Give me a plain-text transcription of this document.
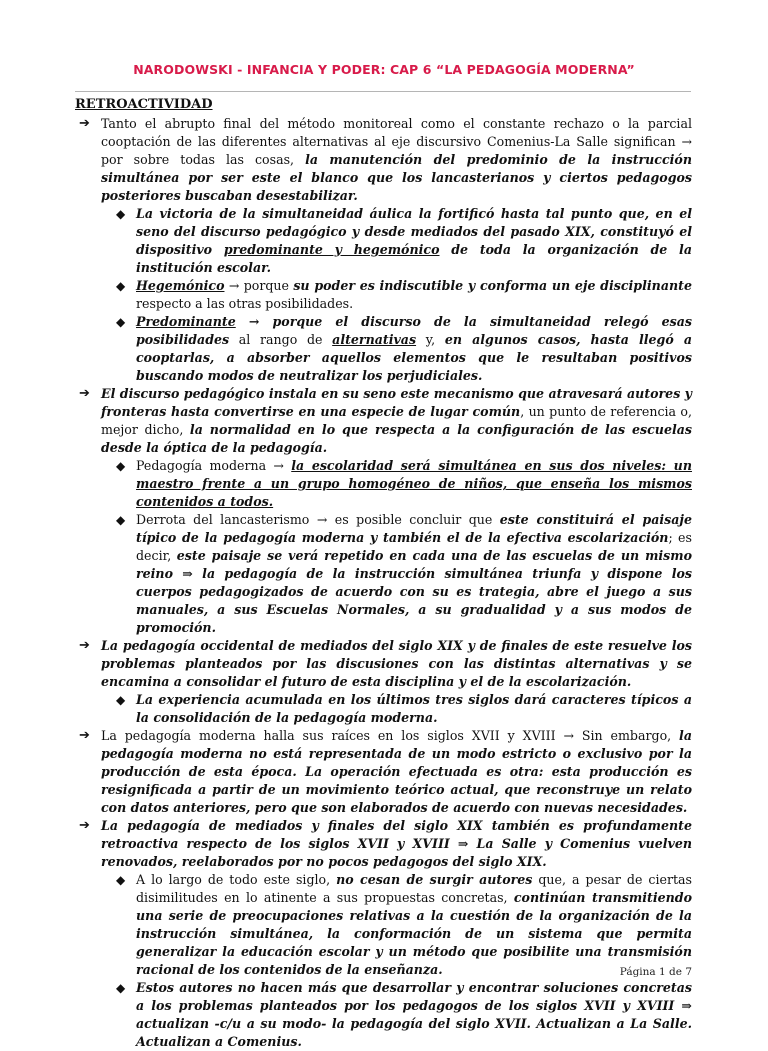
NARODOWSKI - INFANCIA Y PODER: CAP 6 “LA PEDAGOGÍA MODERNA”
RETROACTIVIDAD

➔ Tanto el abrupto final del método monitoreal como el constante rechazo o la parcial cooptación de las diferentes alternativas al eje discursivo Comenius-La Salle significan → por sobre todas las cosas, la manutención del predominio de la instrucción simultánea por ser este el blanco que los lancasterianos y ciertos pedagogos posteriores buscaban desestabilizar.

◆ La victoria de la simultaneidad áulica la fortificó hasta tal punto que, en el seno del discurso pedagógico y desde mediados del pasado XIX, constituyó el dispositivo predominante y hegemónico de toda la organización de la institución escolar.

◆ Hegemónico → porque su poder es indiscutible y conforma un eje disciplinante respecto a las otras posibilidades.

◆ Predominante → porque el discurso de la simultaneidad relegó esas posibilidades al rango de alternativas y, en algunos casos, hasta llegó a cooptarlas, a absorber aquellos elementos que le resultaban positivos buscando modos de neutralizar los perjudiciales.

➔ El discurso pedagógico instala en su seno este mecanismo que atravesará autores y fronteras hasta convertirse en una especie de lugar común, un punto de referencia o, mejor dicho, la normalidad en lo que respecta a la configuración de las escuelas desde la óptica de la pedagogía.

◆ Pedagogía moderna → la escolaridad será simultánea en sus dos niveles: un maestro frente a un grupo homogéneo de niños, que enseña los mismos contenidos a todos.

◆ Derrota del lancasterismo → es posible concluir que este constituirá el paisaje típico de la pedagogía moderna y también el de la efectiva escolarización; es decir, este paisaje se verá repetido en cada una de las escuelas de un mismo reino ⇒ la pedagogía de la instrucción simultánea triunfa y dispone los cuerpos pedagogizados de acuerdo con su es trategia, abre el juego a sus manuales, a sus Escuelas Normales, a su gradualidad y a sus modos de promoción.

➔ La pedagogía occidental de mediados del siglo XIX y de finales de este resuelve los problemas planteados por las discusiones con las distintas alternativas y se encamina a consolidar el futuro de esta disciplina y el de la escolarización.

◆ La experiencia acumulada en los últimos tres siglos dará caracteres típicos a la consolidación de la pedagogía moderna.

➔ La pedagogía moderna halla sus raíces en los siglos XVII y XVIII → Sin embargo, la pedagogía moderna no está representada de un modo estricto o exclusivo por la producción de esta época. La operación efectuada es otra: esta producción es resignificada a partir de un movimiento teórico actual, que reconstruye un relato con datos anteriores, pero que son elaborados de acuerdo con nuevas necesidades.

➔ La pedagogía de mediados y finales del siglo XIX también es profundamente retroactiva respecto de los siglos XVII y XVIII ⇒ La Salle y Comenius vuelven renovados, reelaborados por no pocos pedagogos del siglo XIX.

◆ A lo largo de todo este siglo, no cesan de surgir autores que, a pesar de ciertas disimilitudes en lo atinente a sus propuestas concretas, continúan transmitiendo una serie de preocupaciones relativas a la cuestión de la organización de la instrucción simultánea, la conformación de un sistema que permita generalizar la educación escolar y un método que posibilite una transmisión racional de los contenidos de la enseñanza.

◆ Estos autores no hacen más que desarrollar y encontrar soluciones concretas a los problemas planteados por los pedagogos de los siglos XVII y XVIII ⇒ actualizan -c/u a su modo- la pedagogía del siglo XVII. Actualizan a La Salle. Actualizan a Comenius.

Página 1 de 7
